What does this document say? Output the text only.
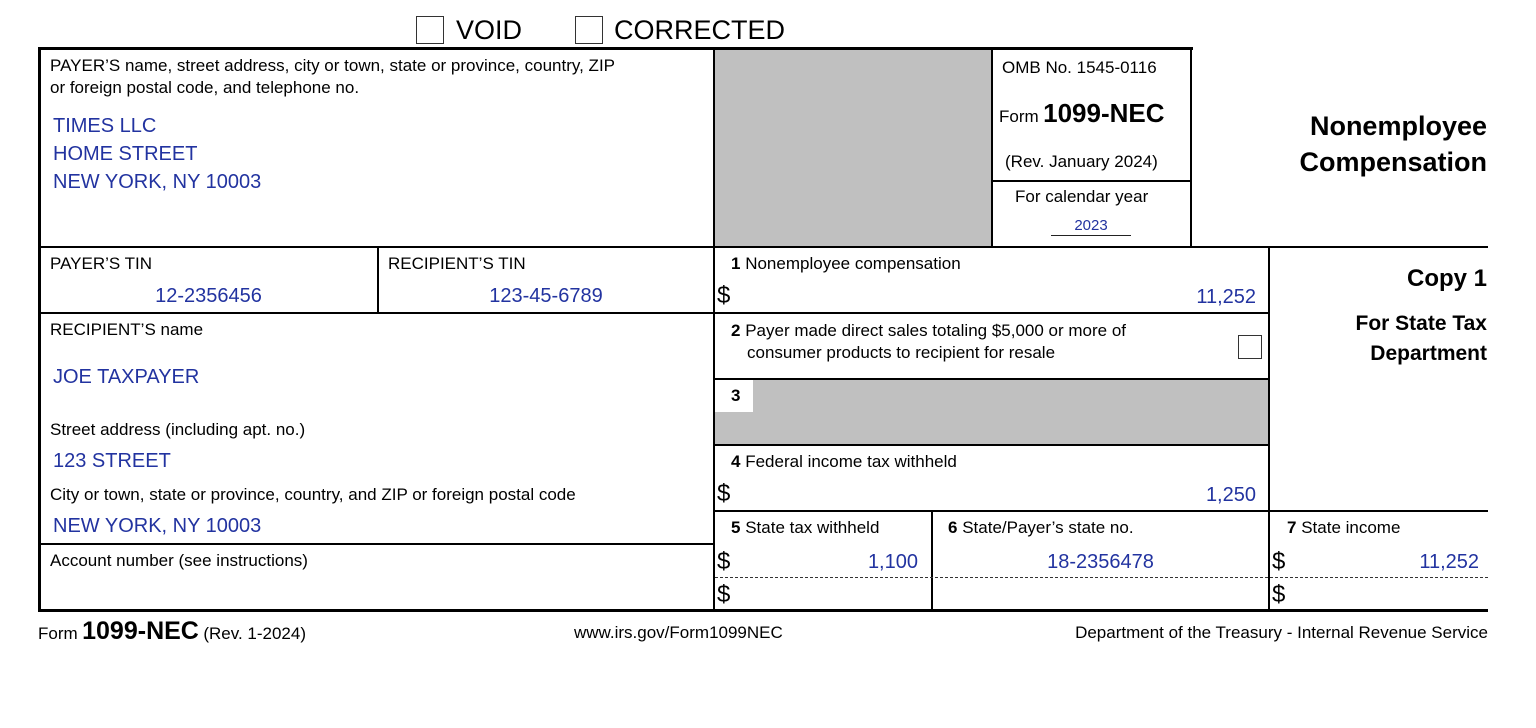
VOID	CORRECTED
PAYER’S name, street address, city or town, state or province, country, ZIP
or foreign postal code, and telephone no.
TIMES LLC
HOME STREET
NEW YORK, NY 10003
OMB No. 1545-0116
Form 1099-NEC
(Rev. January 2024)
For calendar year
2023
Nonemployee
Compensation
PAYER’S TIN
12-2356456
RECIPIENT’S TIN
123-45-6789
RECIPIENT’S name
JOE TAXPAYER
Street address (including apt. no.)
123 STREET
City or town, state or province, country, and ZIP or foreign postal code
NEW YORK, NY 10003
Account number (see instructions)
1 Nonemployee compensation
$	11,252
2 Payer made direct sales totaling $5,000 or more of
consumer products to recipient for resale
3
4 Federal income tax withheld
$	1,250
5 State tax withheld
$	1,100
$
6 State/Payer’s state no.
18-2356478
7 State income
$	11,252
$
Copy 1
For State Tax
Department
Form 1099-NEC (Rev. 1-2024)	www.irs.gov/Form1099NEC	Department of the Treasury - Internal Revenue Service
